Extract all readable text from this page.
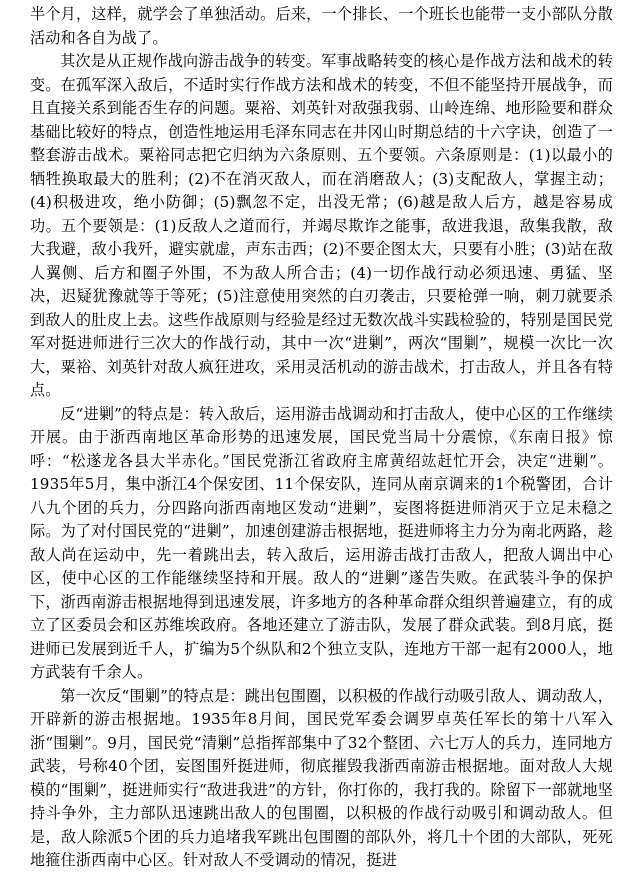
半个月，这样，就学会了单独活动。后来，一个排长、一个班长也能带一支小部队分散活动和各自为战了。

其次是从正规作战向游击战争的转变。军事战略转变的核心是作战方法和战术的转变。在孤军深入敌后，不适时实行作战方法和战术的转变，不但不能坚持开展战争，而且直接关系到能否生存的问题。粟裕、刘英针对敌强我弱、山岭连绵、地形险要和群众基础比较好的特点，创造性地运用毛泽东同志在井冈山时期总结的十六字诀，创造了一整套游击战术。粟裕同志把它归纳为六条原则、五个要领。六条原则是：(1)以最小的牺牲换取最大的胜利；(2)不在消灭敌人，而在消磨敌人；(3)支配敌人，掌握主动；(4)积极进攻，绝小防御；(5)飘忽不定，出没无常；(6)越是敌人后方，越是容易成功。五个要领是：(1)反敌人之道而行，并竭尽欺诈之能事，敌进我退，敌集我散，敌大我避，敌小我歼，避实就虚，声东击西；(2)不要企图太大，只要有小胜；(3)站在敌人翼侧、后方和圈子外围，不为敌人所合击；(4)一切作战行动必须迅速、勇猛、坚决，迟疑犹豫就等于等死；(5)注意使用突然的白刃袭击，只要枪弹一响，刺刀就要杀到敌人的肚皮上去。这些作战原则与经验是经过无数次战斗实践检验的，特别是国民党军对挺进师进行三次大的作战行动，其中一次“进剿”，两次“围剿”，规模一次比一次大，粟裕、刘英针对敌人疯狂进攻，采用灵活机动的游击战术，打击敌人，并且各有特点。

反“进剿”的特点是：转入敌后，运用游击战调动和打击敌人，使中心区的工作继续开展。由于浙西南地区革命形势的迅速发展，国民党当局十分震惊，《东南日报》惊呼：“松遂龙各县大半赤化。”国民党浙江省政府主席黄绍竑赶忙开会，决定“进剿”。1935年5月，集中浙江4个保安团、11个保安队，连同从南京调来的1个税警团，合计八九个团的兵力，分四路向浙西南地区发动“进剿”，妄图将挺进师消灭于立足未稳之际。为了对付国民党的“进剿”，加速创建游击根据地，挺进师将主力分为南北两路，趁敌人尚在运动中，先一着跳出去，转入敌后，运用游击战打击敌人，把敌人调出中心区，使中心区的工作能继续坚持和开展。敌人的“进剿”遂告失败。在武装斗争的保护下，浙西南游击根据地得到迅速发展，许多地方的各种革命群众组织普遍建立，有的成立了区委员会和区苏维埃政府。各地还建立了游击队，发展了群众武装。到8月底，挺进师已发展到近千人，扩编为5个纵队和2个独立支队，连地方干部一起有2000人，地方武装有千余人。

第一次反“围剿”的特点是：跳出包围圈，以积极的作战行动吸引敌人、调动敌人，开辟新的游击根据地。1935年8月间，国民党军委会调罗卓英任军长的第十八军入浙“围剿”。9月，国民党“清剿”总指挥部集中了32个整团、六七万人的兵力，连同地方武装，号称40个团，妄图围歼挺进师，彻底摧毁我浙西南游击根据地。面对敌人大规模的“围剿”，挺进师实行“敌进我进”的方针，你打你的，我打我的。除留下一部就地坚持斗争外，主力部队迅速跳出敌人的包围圈，以积极的作战行动吸引和调动敌人。但是，敌人除派5个团的兵力追堵我军跳出包围圈的部队外，将几十个团的大部队，死死地箍住浙西南中心区。针对敌人不受调动的情况，挺进
